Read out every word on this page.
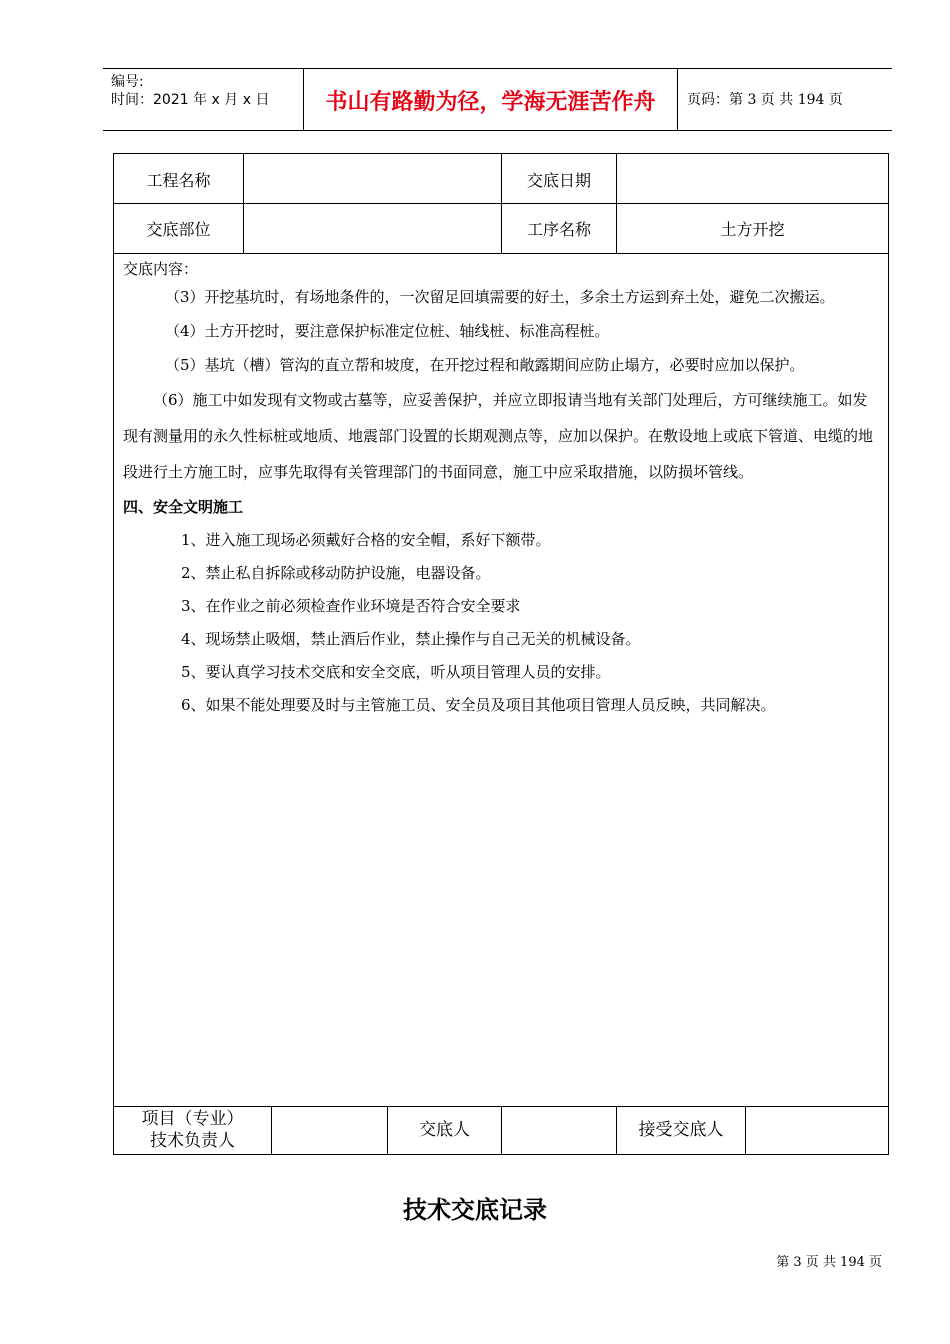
编号:
时间：2021 年 x 月 x 日	书山有路勤为径，学海无涯苦作舟	页码：第 3 页 共 194 页
工程名称	交底日期
交底部位	工序名称	土方开挖

交底内容：

（3）开挖基坑时，有场地条件的，一次留足回填需要的好土，多余土方运到弃土处，避免二次搬运。

（4）土方开挖时，要注意保护标准定位桩、轴线桩、标准高程桩。

（5）基坑（槽）管沟的直立帮和坡度，在开挖过程和敞露期间应防止塌方，必要时应加以保护。

（6）施工中如发现有文物或古墓等，应妥善保护，并应立即报请当地有关部门处理后，方可继续施工。如发现有测量用的永久性标桩或地质、地震部门设置的长期观测点等，应加以保护。在敷设地上或底下管道、电缆的地段进行土方施工时，应事先取得有关管理部门的书面同意，施工中应采取措施，以防损坏管线。

四、安全文明施工

1、进入施工现场必须戴好合格的安全帽，系好下额带。

2、禁止私自拆除或移动防护设施，电器设备。

3、在作业之前必须检查作业环境是否符合安全要求

4、现场禁止吸烟，禁止酒后作业，禁止操作与自己无关的机械设备。

5、要认真学习技术交底和安全交底，听从项目管理人员的安排。

6、如果不能处理要及时与主管施工员、安全员及项目其他项目管理人员反映，共同解决。

项目（专业）
技术负责人
交底人	接受交底人
技术交底记录
第 3 页 共 194 页
